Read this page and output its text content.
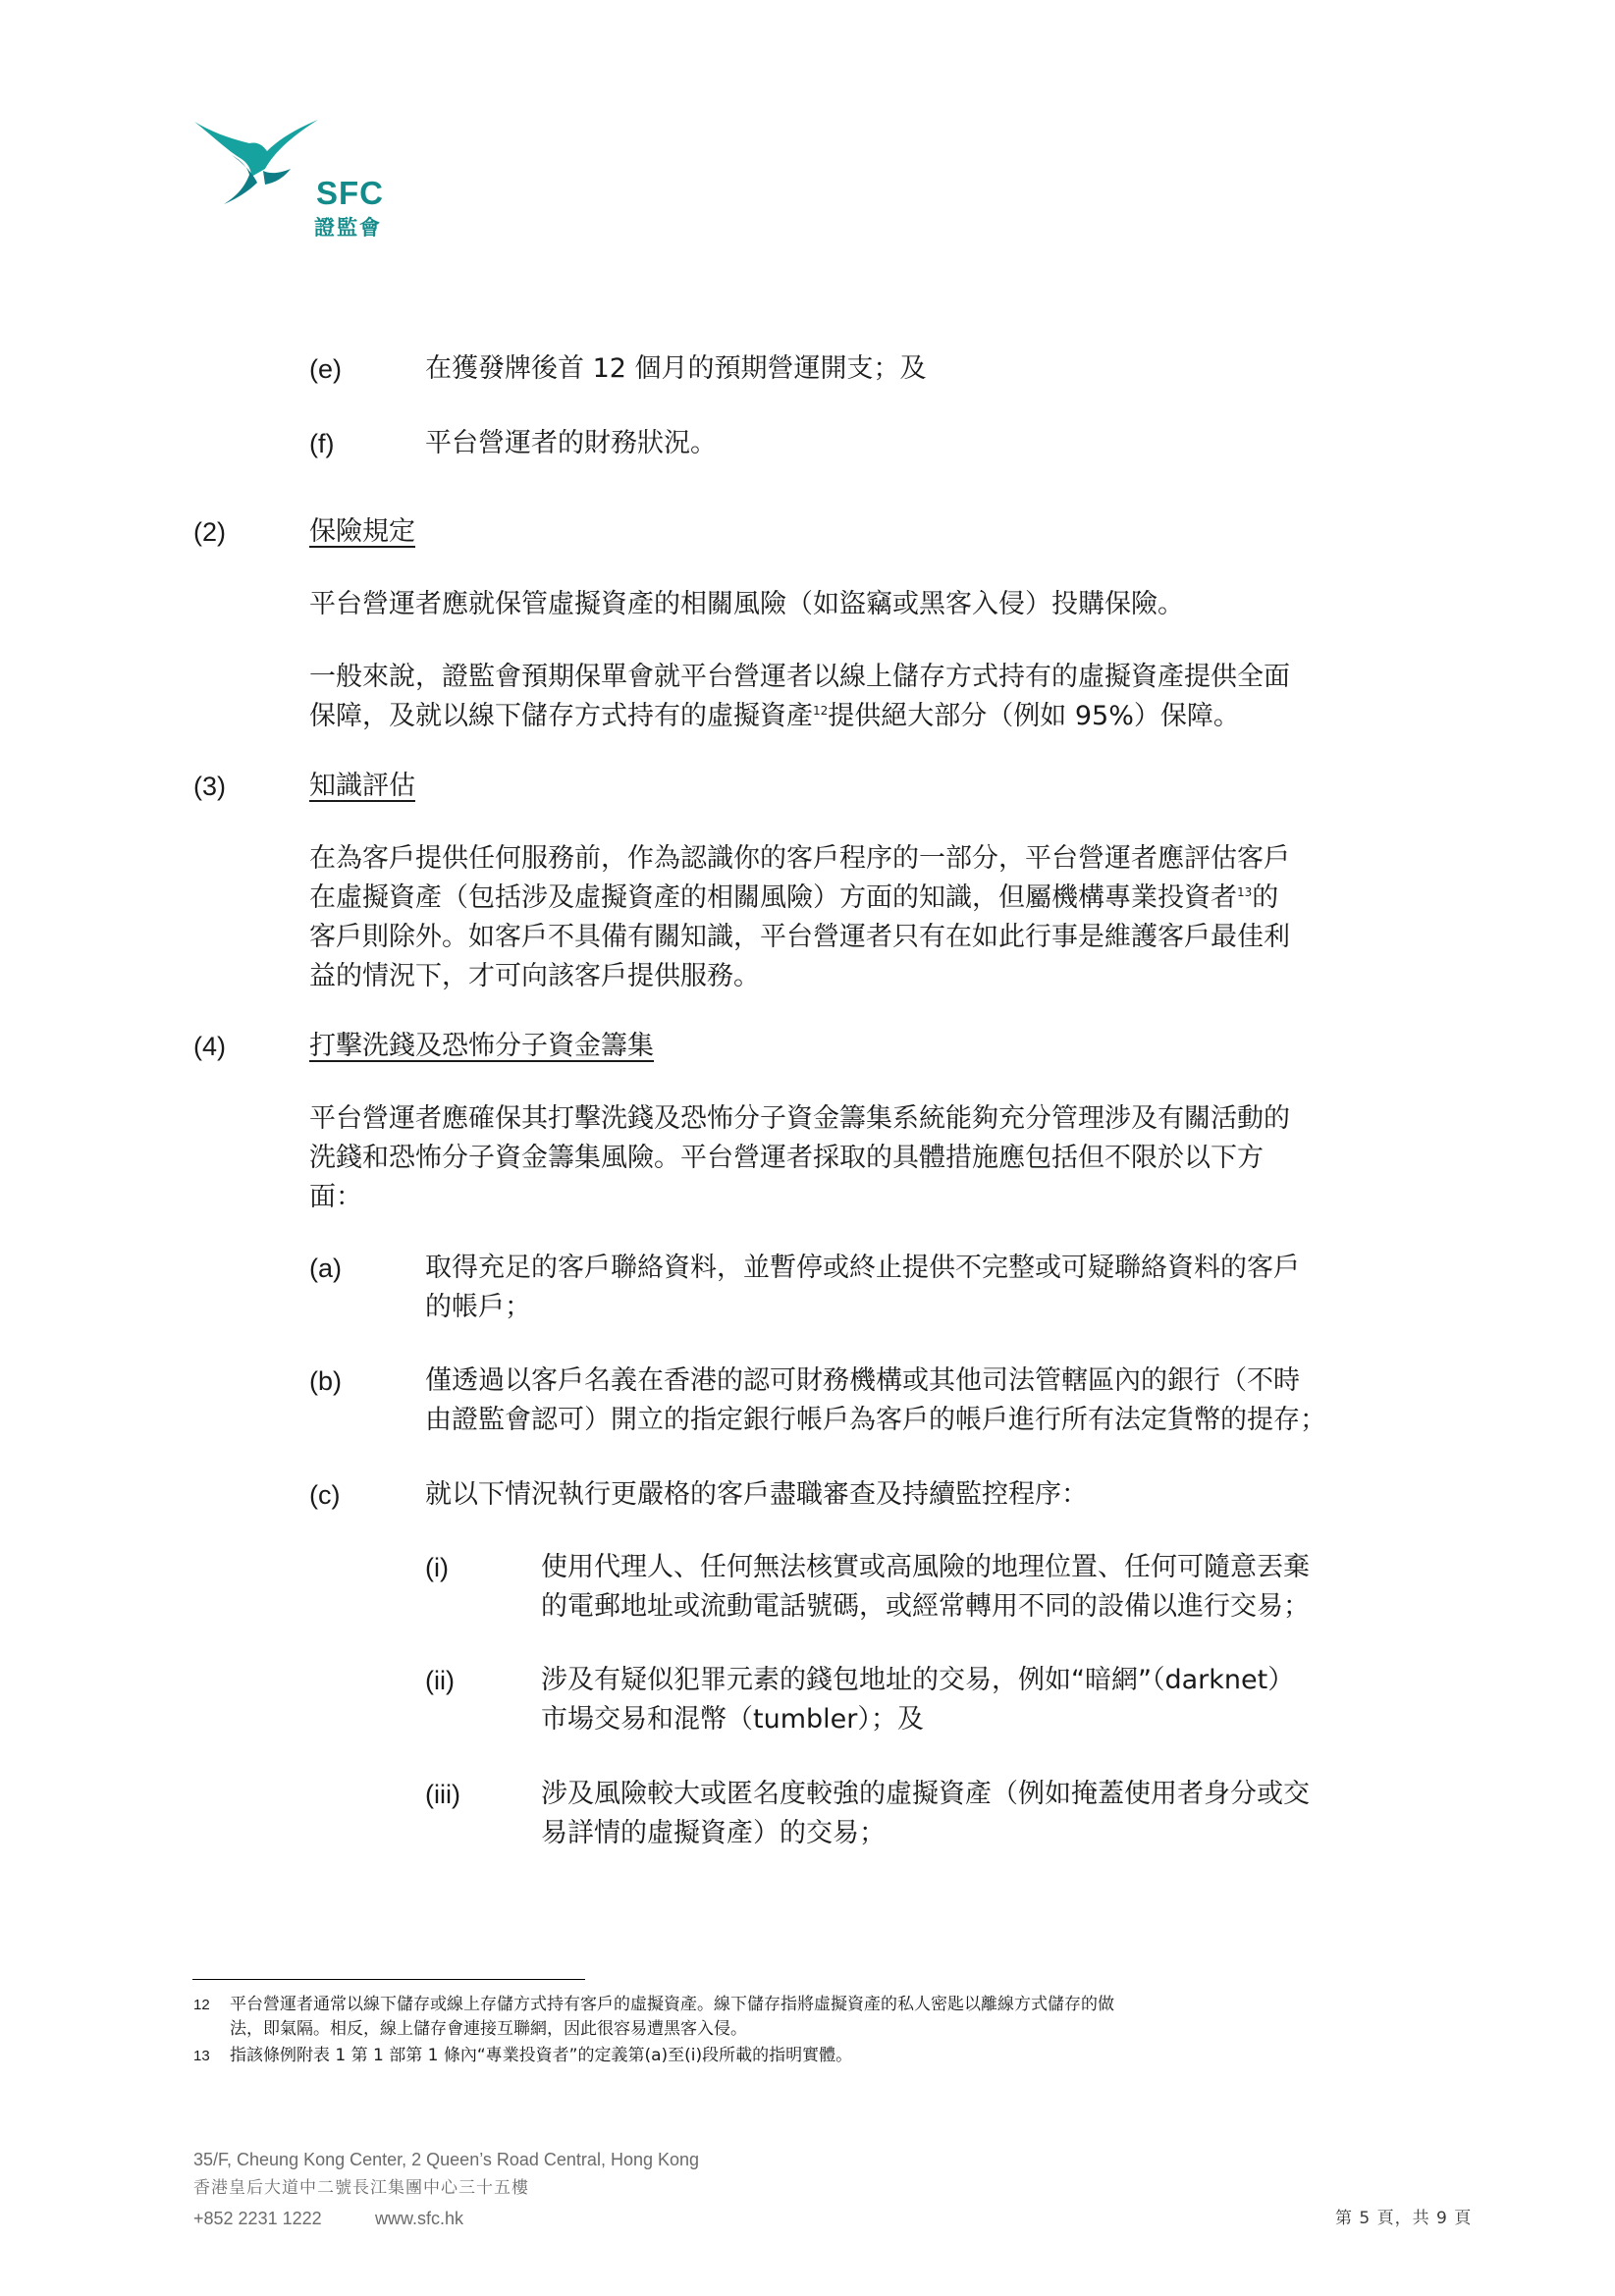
SFC
證監會
(e)	在獲發牌後首 12 個月的預期營運開支；及
(f)	平台營運者的財務狀況。
(2)	保險規定
平台營運者應就保管虛擬資產的相關風險（如盜竊或黑客入侵）投購保險。
一般來說，證監會預期保單會就平台營運者以線上儲存方式持有的虛擬資產提供全面
保障，及就以線下儲存方式持有的虛擬資產$^{12}$提供絕大部分（例如 95%）保障。
(3)	知識評估
在為客戶提供任何服務前，作為認識你的客戶程序的一部分，平台營運者應評估客戶
在虛擬資產（包括涉及虛擬資產的相關風險）方面的知識，但屬機構專業投資者$^{13}$的
客戶則除外。如客戶不具備有關知識，平台營運者只有在如此行事是維護客戶最佳利
益的情況下，才可向該客戶提供服務。
(4)	打擊洗錢及恐怖分子資金籌集
平台營運者應確保其打擊洗錢及恐怖分子資金籌集系統能夠充分管理涉及有關活動的
洗錢和恐怖分子資金籌集風險。平台營運者採取的具體措施應包括但不限於以下方
面：
(a)	取得充足的客戶聯絡資料，並暫停或終止提供不完整或可疑聯絡資料的客戶
的帳戶；
(b)	僅透過以客戶名義在香港的認可財務機構或其他司法管轄區內的銀行（不時
由證監會認可）開立的指定銀行帳戶為客戶的帳戶進行所有法定貨幣的提存；
(c)	就以下情況執行更嚴格的客戶盡職審查及持續監控程序：
(i)	使用代理人、任何無法核實或高風險的地理位置、任何可隨意丟棄
的電郵地址或流動電話號碼，或經常轉用不同的設備以進行交易；
(ii)	涉及有疑似犯罪元素的錢包地址的交易，例如“暗網”（darknet）
市場交易和混幣（tumbler）；及
(iii)	涉及風險較大或匿名度較強的虛擬資產（例如掩蓋使用者身分或交
易詳情的虛擬資產）的交易；
12 平台營運者通常以線下儲存或線上存儲方式持有客戶的虛擬資產。線下儲存指將虛擬資產的私人密匙以離線方式儲存的做
法，即氣隔。相反，線上儲存會連接互聯網，因此很容易遭黑客入侵。
13 指該條例附表 1 第 1 部第 1 條內“專業投資者”的定義第(a)至(i)段所載的指明實體。
35/F, Cheung Kong Center, 2 Queen’s Road Central, Hong Kong
香港皇后大道中二號長江集團中心三十五樓
+852 2231 1222	www.sfc.hk	第 5 頁，共 9 頁
